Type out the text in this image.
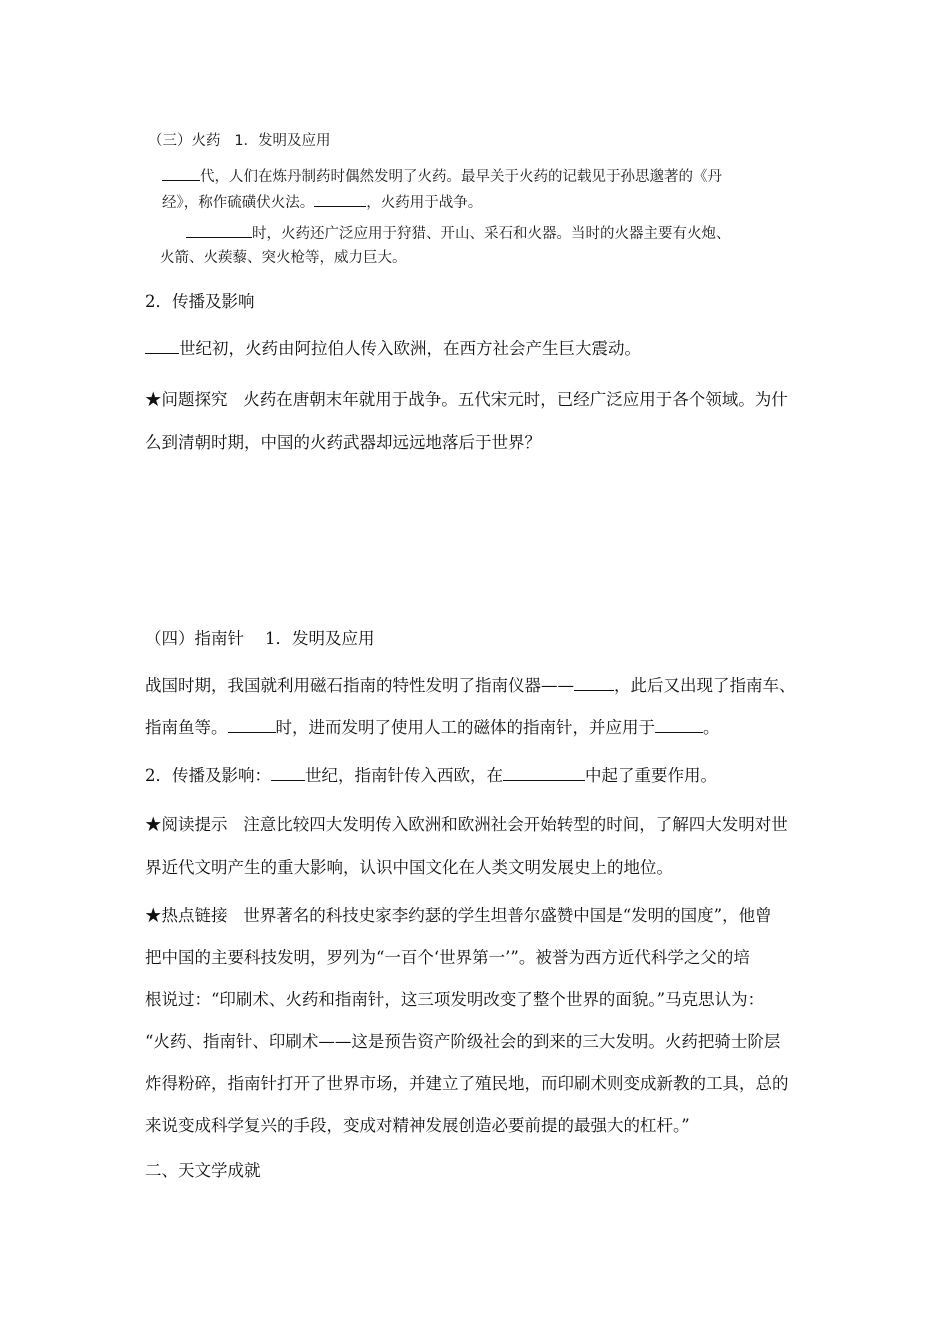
（三）火药 1．发明及应用
代，人们在炼丹制药时偶然发明了火药。最早关于火药的记载见于孙思邈著的《丹
经》，称作硫磺伏火法。	，火药用于战争。
时，火药还广泛应用于狩猎、开山、采石和火器。当时的火器主要有火炮、
火箭、火蒺藜、突火枪等，威力巨大。
2．传播及影响
世纪初，火药由阿拉伯人传入欧洲，在西方社会产生巨大震动。
★问题探究 火药在唐朝末年就用于战争。五代宋元时，已经广泛应用于各个领域。为什
么到清朝时期，中国的火药武器却远远地落后于世界？
（四）指南针 1．发明及应用
战国时期，我国就利用磁石指南的特性发明了指南仪器—— ，此后又出现了指南车、
指南鱼等。	时，进而发明了使用人工的磁体的指南针，并应用于	。
2．传播及影响： 世纪，指南针传入西欧，在	中起了重要作用。
★阅读提示 注意比较四大发明传入欧洲和欧洲社会开始转型的时间，了解四大发明对世
界近代文明产生的重大影响，认识中国文化在人类文明发展史上的地位。
★热点链接 世界著名的科技史家李约瑟的学生坦普尔盛赞中国是“发明的国度”，他曾
把中国的主要科技发明，罗列为“一百个‘世界第一’”。被誉为西方近代科学之父的培
根说过：“印刷术、火药和指南针，这三项发明改变了整个世界的面貌。”马克思认为：
“火药、指南针、印刷术——这是预告资产阶级社会的到来的三大发明。火药把骑士阶层
炸得粉碎，指南针打开了世界市场，并建立了殖民地，而印刷术则变成新教的工具，总的
来说变成科学复兴的手段，变成对精神发展创造必要前提的最强大的杠杆。”
二、天文学成就
